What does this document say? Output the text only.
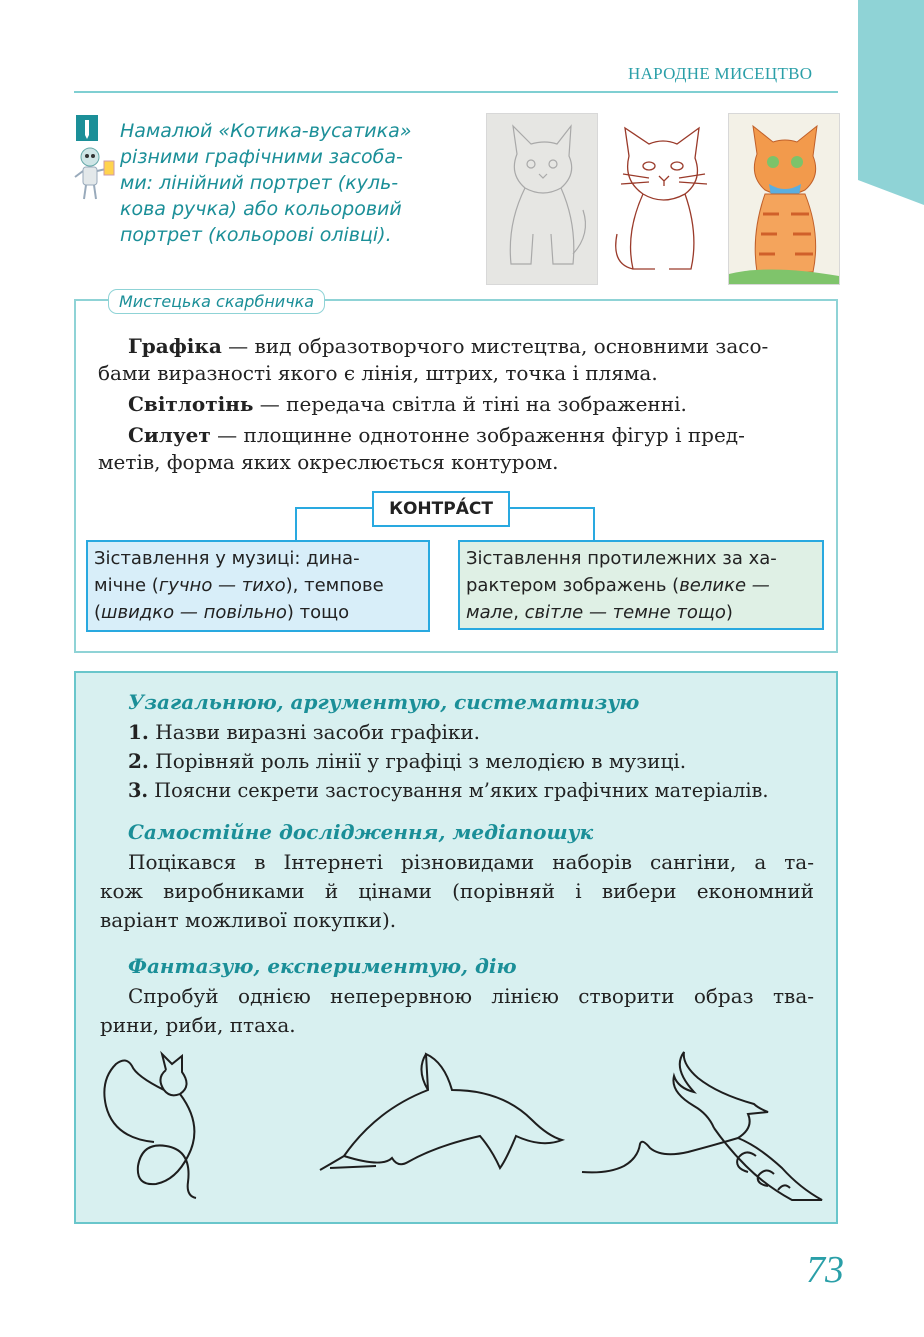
НАРОДНЕ МИСЕЦТВО
Намалюй «Котика-вусатика»
різними графічними засоба-
ми: лінійний портрет (куль-
кова ручка) або кольоровий
портрет (кольорові олівці).
Мистецька скарбничка
  Графіка — вид образотворчого мистецтва, основними засо-
бами виразності якого є лінія, штрих, точка і пляма.
  Світлотінь — передача світла й тіні на зображенні.
  Силует — площинне однотонне зображення фігур і пред-
метів, форма яких окреслюється контуром.
КОНТРА́СТ
Зіставлення у музиці: дина-
мічне (гучно — тихо), темпове
(швидко — повільно) тощо
Зіставлення протилежних за ха-
рактером зображень (велике —
мале, світле — темне тощо)
Узагальнюю, аргументую, систематизую
1. Назви виразні засоби графіки.
2. Порівняй роль лінії у графіці з мелодією в музиці.
3. Поясни секрети застосування м’яких графічних матеріалів.
Самостійне дослідження, медіапошук
Поцікався в Інтернеті різновидами наборів сангіни, а та-
кож виробниками й цінами (порівняй і вибери економний
варіант можливої покупки).
Фантазую, експериментую, дію
Спробуй однією неперервною лінією створити образ тва-
рини, риби, птаха.
73
